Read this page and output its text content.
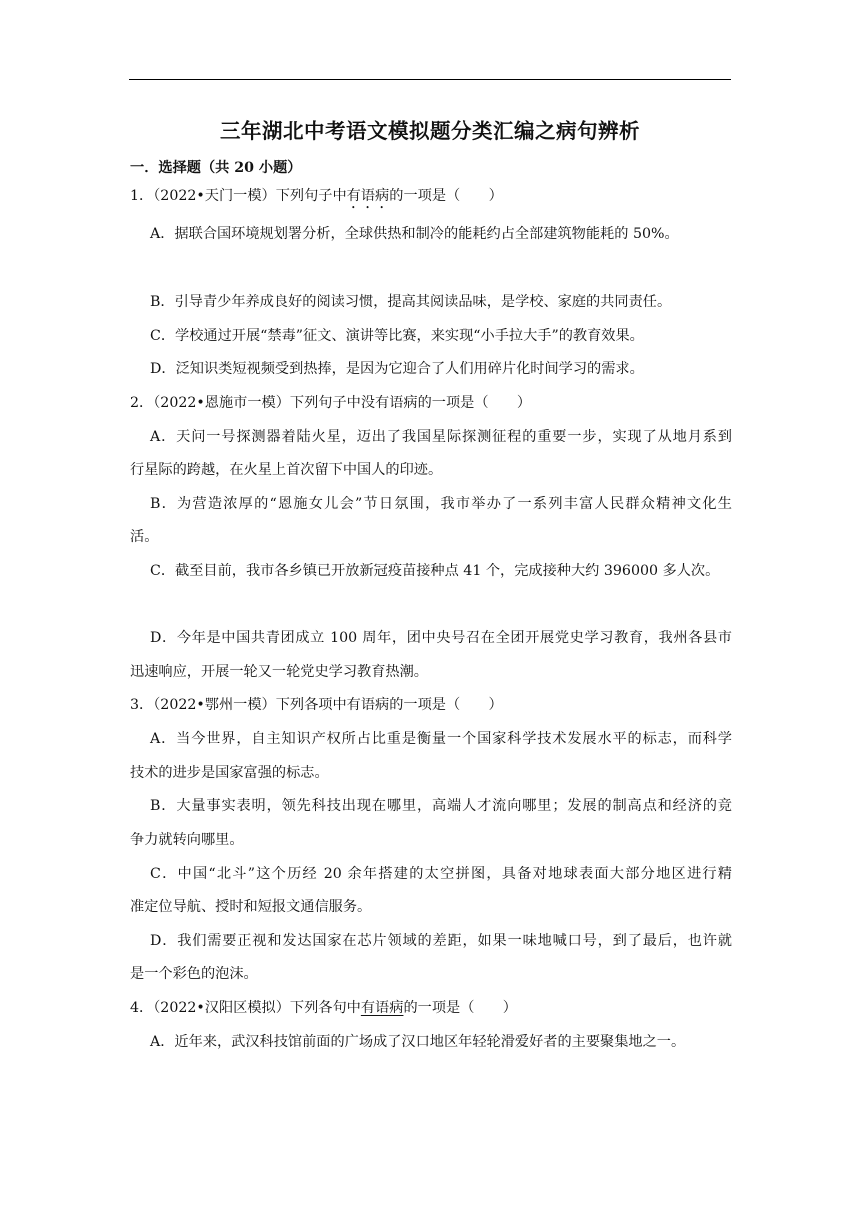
三年湖北中考语文模拟题分类汇编之病句辨析
一．选择题（共 20 小题）
1．（2022•天门一模）下列句子中有语病的一项是（　　）
A．据联合国环境规划署分析，全球供热和制冷的能耗约占全部建筑物能耗的 50%。
B．引导青少年养成良好的阅读习惯，提高其阅读品味，是学校、家庭的共同责任。
C．学校通过开展“禁毒”征文、演讲等比赛，来实现“小手拉大手”的教育效果。
D．泛知识类短视频受到热捧，是因为它迎合了人们用碎片化时间学习的需求。
2．（2022•恩施市一模）下列句子中没有语病的一项是（　　）
A．天问一号探测器着陆火星，迈出了我国星际探测征程的重要一步，实现了从地月系到
行星际的跨越，在火星上首次留下中国人的印迹。
B．为营造浓厚的“恩施女儿会”节日氛围，我市举办了一系列丰富人民群众精神文化生
活。
C．截至目前，我市各乡镇已开放新冠疫苗接种点 41 个，完成接种大约 396000 多人次。
D．今年是中国共青团成立 100 周年，团中央号召在全团开展党史学习教育，我州各县市
迅速响应，开展一轮又一轮党史学习教育热潮。
3．（2022•鄂州一模）下列各项中有语病的一项是（　　）
A．当今世界，自主知识产权所占比重是衡量一个国家科学技术发展水平的标志，而科学
技术的进步是国家富强的标志。
B．大量事实表明，领先科技出现在哪里，高端人才流向哪里；发展的制高点和经济的竞
争力就转向哪里。
C．中国“北斗”这个历经 20 余年搭建的太空拼图，具备对地球表面大部分地区进行精
准定位导航、授时和短报文通信服务。
D．我们需要正视和发达国家在芯片领域的差距，如果一味地喊口号，到了最后，也许就
是一个彩色的泡沫。
4．（2022•汉阳区模拟）下列各句中有语病的一项是（　　）
A．近年来，武汉科技馆前面的广场成了汉口地区年轻轮滑爱好者的主要聚集地之一。
